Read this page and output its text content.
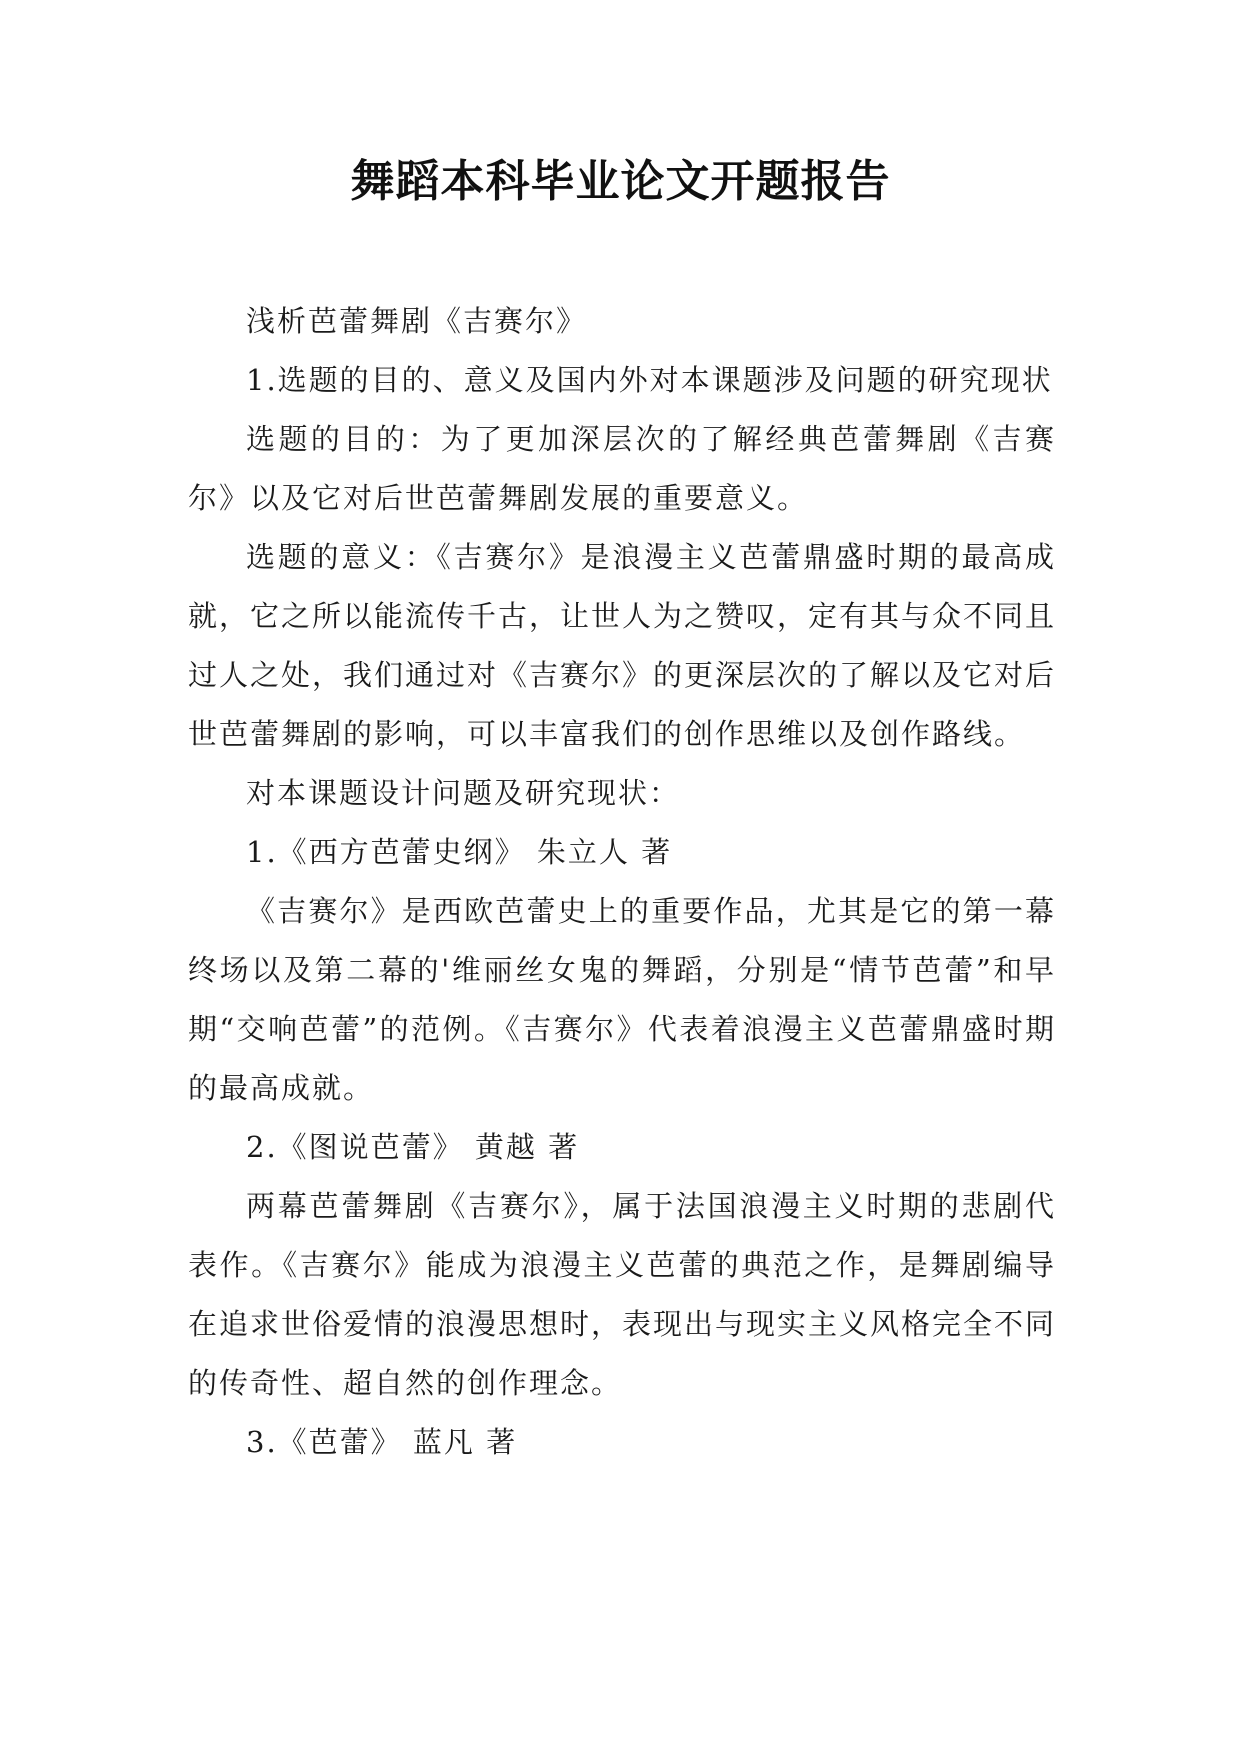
舞蹈本科毕业论文开题报告

浅析芭蕾舞剧《吉赛尔》

1.选题的目的、意义及国内外对本课题涉及问题的研究现状

选题的目的：为了更加深层次的了解经典芭蕾舞剧《吉赛尔》以及它对后世芭蕾舞剧发展的重要意义。

选题的意义：《吉赛尔》是浪漫主义芭蕾鼎盛时期的最高成就，它之所以能流传千古，让世人为之赞叹，定有其与众不同且过人之处，我们通过对《吉赛尔》的更深层次的了解以及它对后世芭蕾舞剧的影响，可以丰富我们的创作思维以及创作路线。

对本课题设计问题及研究现状：

1.《西方芭蕾史纲》 朱立人 著

《吉赛尔》是西欧芭蕾史上的重要作品，尤其是它的第一幕终场以及第二幕的'维丽丝女鬼的舞蹈，分别是“情节芭蕾”和早期“交响芭蕾”的范例。《吉赛尔》代表着浪漫主义芭蕾鼎盛时期的最高成就。

2.《图说芭蕾》 黄越 著

两幕芭蕾舞剧《吉赛尔》，属于法国浪漫主义时期的悲剧代表作。《吉赛尔》能成为浪漫主义芭蕾的典范之作，是舞剧编导在追求世俗爱情的浪漫思想时，表现出与现实主义风格完全不同的传奇性、超自然的创作理念。

3.《芭蕾》 蓝凡 著
